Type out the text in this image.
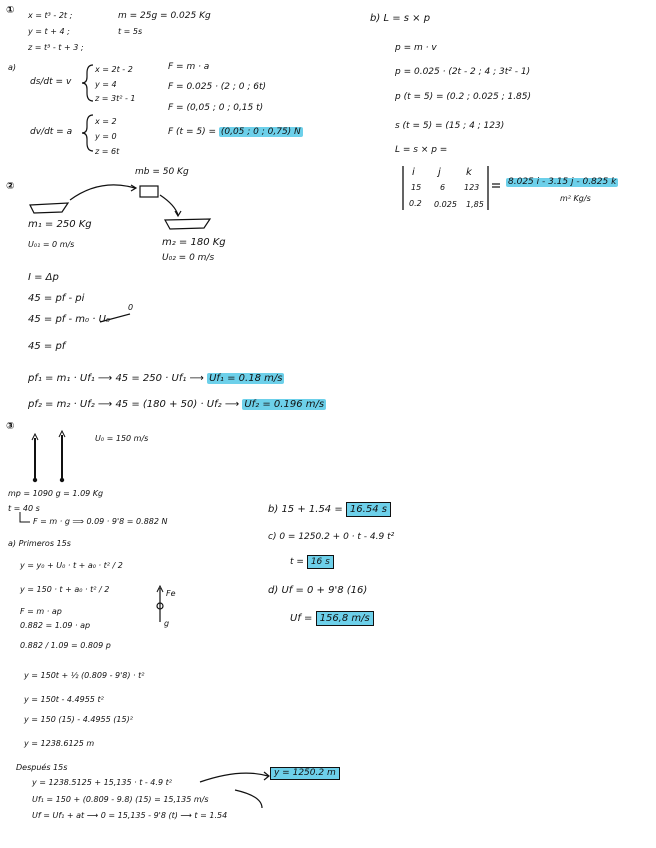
① x = t³ - 2t ;
y = t + 4 ;
z = t³ - t + 3 ;
m = 25g = 0.025 Kg
t = 5s
a)
ds/dt = v
x = 2t - 2
y = 4
z = 3t² - 1
dv/dt = a
x = 2
y = 0
z = 6t
F = m · a
F = 0.025 · (2 ; 0 ; 6t)
F = (0,05 ; 0 ; 0,15 t)
F (t = 5) = (0,05 ; 0 ; 0,75) N
b) L = s × p
p = m · v
p = 0.025 · (2t - 2 ; 4 ; 3t² - 1)
p (t = 5) = (0.2 ; 0.025 ; 1.85)
s (t = 5) = (15 ; 4 ; 123)
L = s × p =
i j	k
15 6 123
0.2 0.025 1,85
8.025 i - 3.15 j - 0.825 k
m² Kg/s
②
mb = 50 Kg
m₁ = 250 Kg
U₀₁ = 0 m/s	m₂ = 180 Kg
U₀₂ = 0 m/s
I = Δp
45 = pf - pi
45 = pf - m₀ · U₀
0
45 = pf
pf₁ = m₁ · Uf₁ ⟶ 45 = 250 · Uf₁ ⟶ Uf₁ = 0.18 m/s
pf₂ = m₂ · Uf₂ ⟶ 45 = (180 + 50) · Uf₂ ⟶ Uf₂ = 0.196 m/s
③
U₀ = 150 m/s
mp = 1090 g = 1.09 Kg
t = 40 s
F = m · g ⟹ 0.09 · 9'8 = 0.882 N
a) Primeros 15s
y = y₀ + U₀ · t + a₀ · t² / 2
y = 150 · t + a₀ · t² / 2	Fe
g
F = m · ap
0.882 = 1.09 · ap
0.882 / 1.09 = 0.809 p
y = 150t + ½ (0.809 - 9'8) · t²
y = 150t - 4.4955 t²
y = 150 (15) - 4.4955 (15)²
y = 1238.6125 m
Después 15s
y = 1238.5125 + 15,135 · t - 4.9 t²
y = 1250.2 m
Uf₁ = 150 + (0.809 - 9.8) (15) = 15,135 m/s
Uf = Uf₁ + at ⟶ 0 = 15,135 - 9'8 (t) ⟶ t = 1.54
b) 15 + 1.54 = 16.54 s
c) 0 = 1250.2 + 0 · t - 4.9 t²
t = 16 s
d) Uf = 0 + 9'8 (16)
Uf = 156,8 m/s
